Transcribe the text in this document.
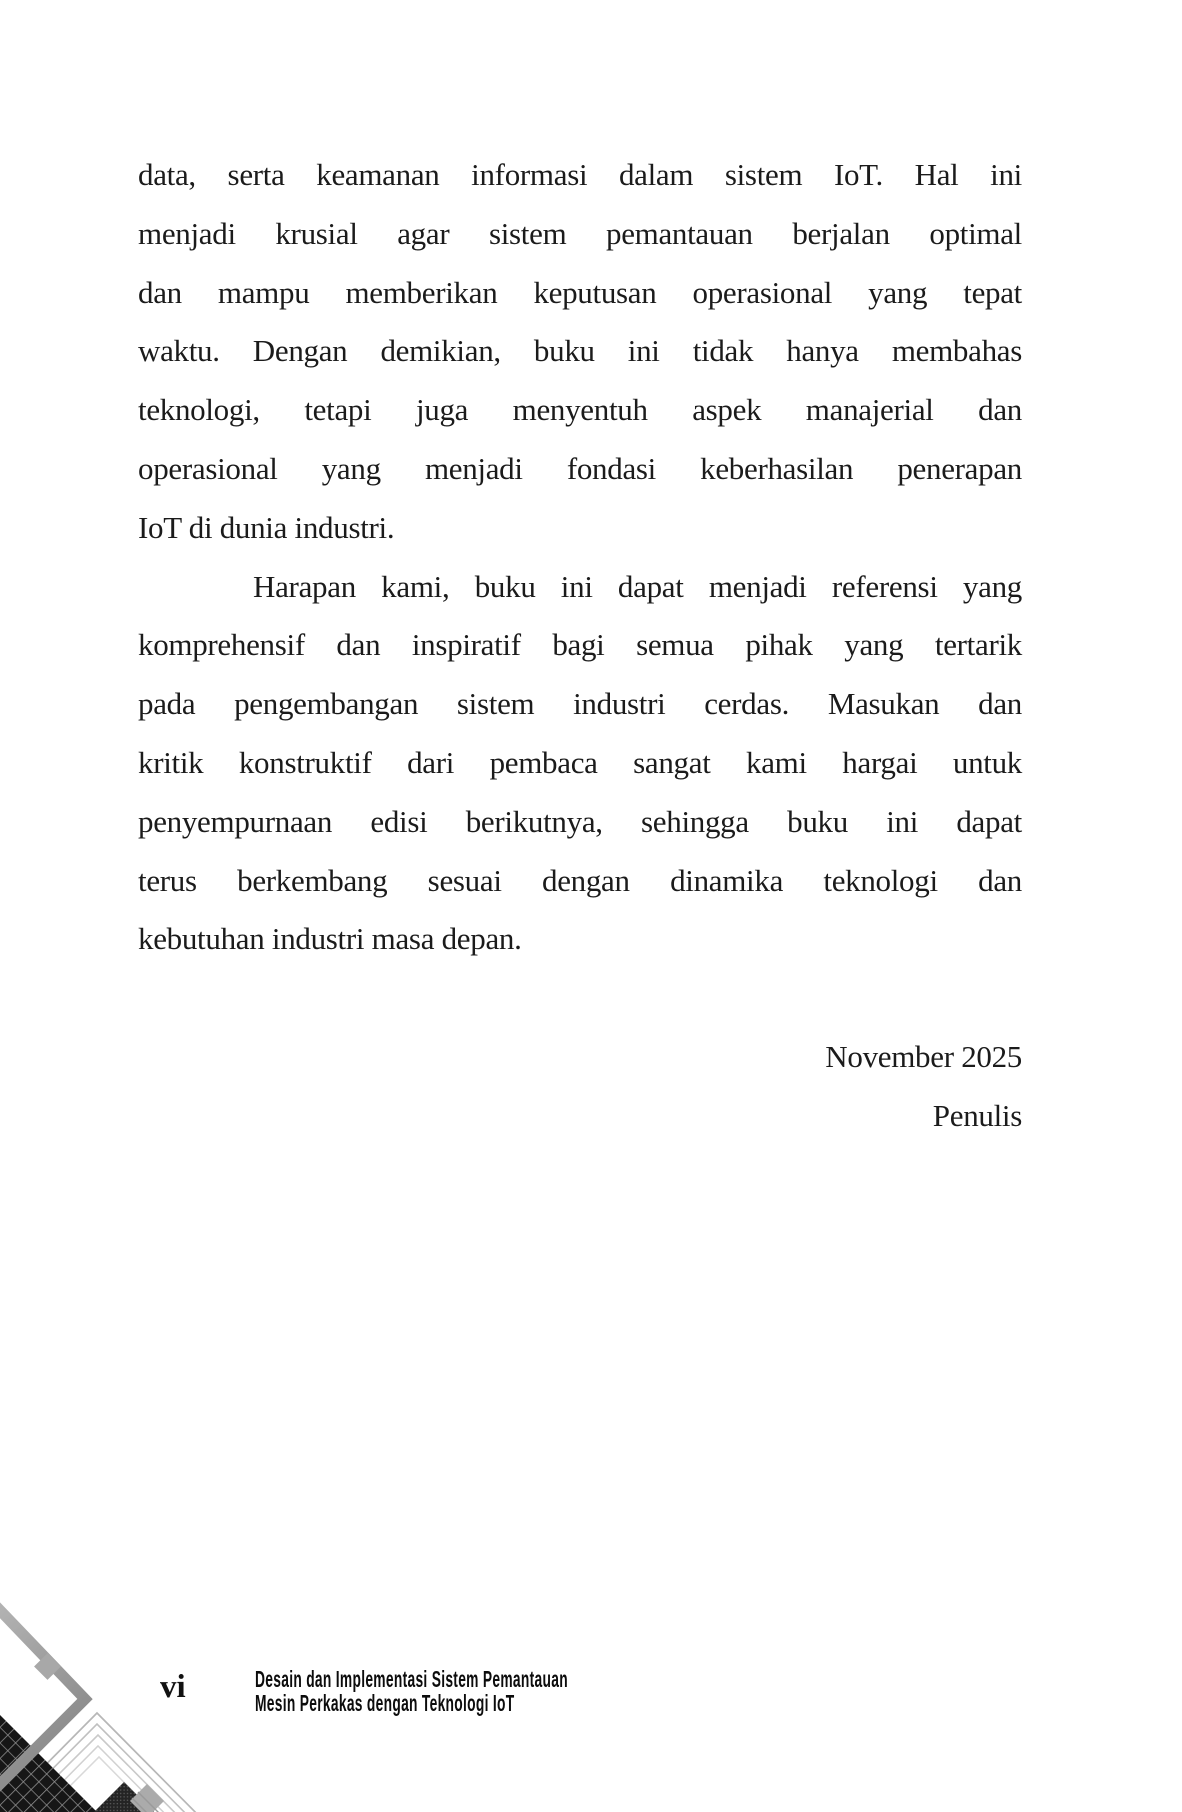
data, serta keamanan informasi dalam sistem IoT. Hal ini
menjadi krusial agar sistem pemantauan berjalan optimal
dan mampu memberikan keputusan operasional yang tepat
waktu. Dengan demikian, buku ini tidak hanya membahas
teknologi, tetapi juga menyentuh aspek manajerial dan
operasional yang menjadi fondasi keberhasilan penerapan
IoT di dunia industri.
Harapan kami, buku ini dapat menjadi referensi yang
komprehensif dan inspiratif bagi semua pihak yang tertarik
pada pengembangan sistem industri cerdas. Masukan dan
kritik konstruktif dari pembaca sangat kami hargai untuk
penyempurnaan edisi berikutnya, sehingga buku ini dapat
terus berkembang sesuai dengan dinamika teknologi dan
kebutuhan industri masa depan.
November 2025
Penulis
vi	Desain dan Implementasi Sistem Pemantauan
Mesin Perkakas dengan Teknologi IoT
